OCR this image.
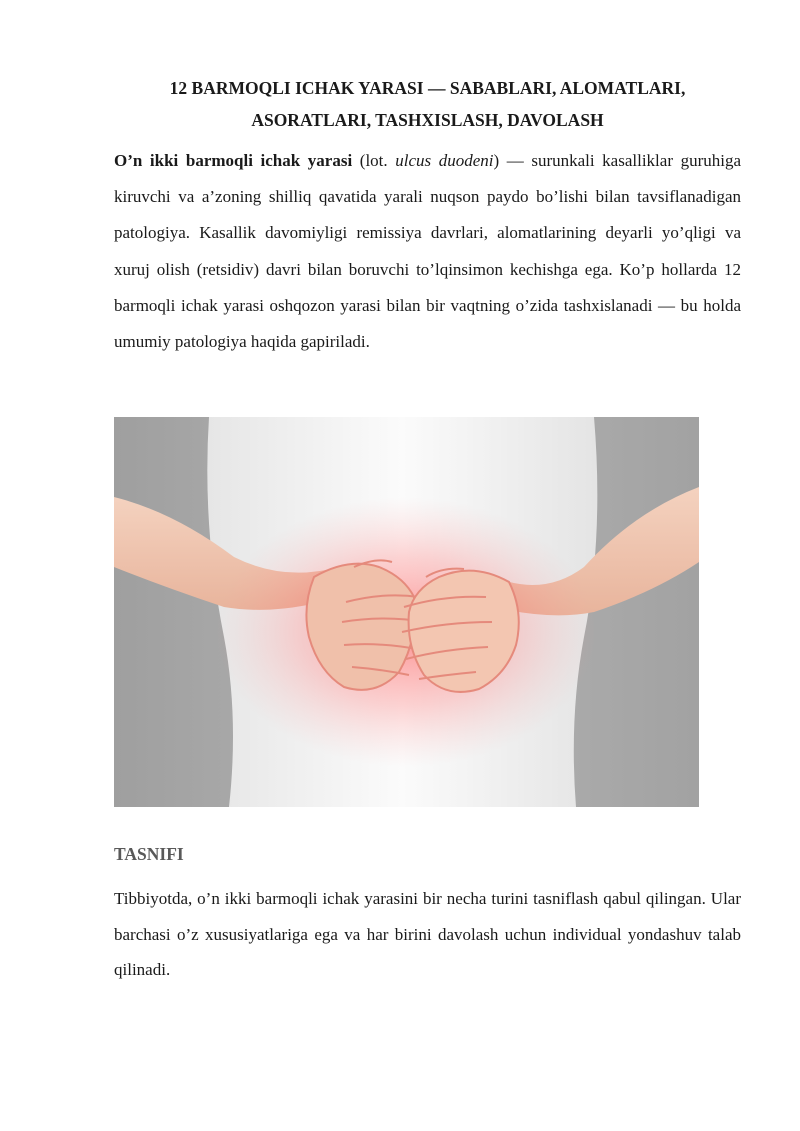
12 BARMOQLI ICHAK YARASI — SABABLARI, ALOMATLARI,
ASORATLARI, TASHXISLASH, DAVOLASH

O’n ikki barmoqli ichak yarasi (lot. ulcus duodeni) — surunkali kasalliklar guruhiga kiruvchi va a’zoning shilliq qavatida yarali nuqson paydo bo’lishi bilan tavsiflanadigan patologiya. Kasallik davomiyligi remissiya davrlari, alomatlarining deyarli yo’qligi va xuruj olish (retsidiv) davri bilan boruvchi to’lqinsimon kechishga ega. Ko’p hollarda 12 barmoqli ichak yarasi oshqozon yarasi bilan bir vaqtning o’zida tashxislanadi — bu holda umumiy patologiya haqida gapiriladi.

TASNIFI

Tibbiyotda, o’n ikki barmoqli ichak yarasini bir necha turini tasniflash qabul qilingan. Ular barchasi o’z xususiyatlariga ega va har birini davolash uchun individual yondashuv talab qilinadi.
